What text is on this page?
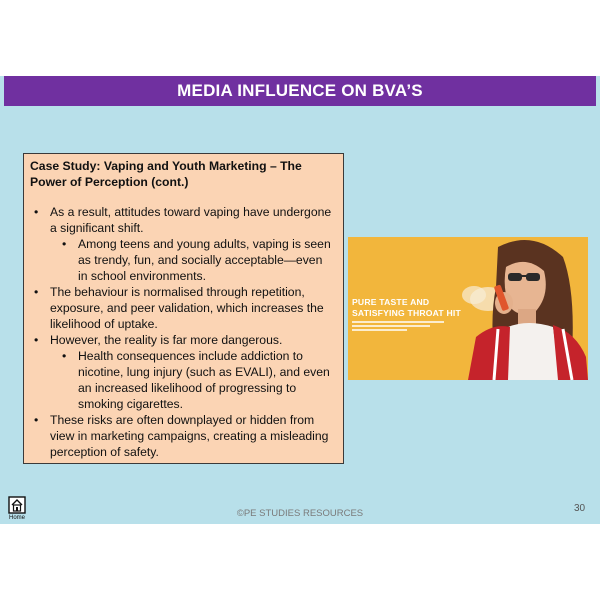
MEDIA INFLUENCE ON BVA’S
Case Study: Vaping and Youth Marketing – The Power of Perception (cont.)
• As a result, attitudes toward vaping have undergone a significant shift.
• Among teens and young adults, vaping is seen as trendy, fun, and socially acceptable—even in school environments.
• The behaviour is normalised through repetition, exposure, and peer validation, which increases the likelihood of uptake.
• However, the reality is far more dangerous.
• Health consequences include addiction to nicotine, lung injury (such as EVALI), and even an increased likelihood of progressing to smoking cigarettes.
• These risks are often downplayed or hidden from view in marketing campaigns, creating a misleading perception of safety.
PURE TASTE AND
SATISFYING THROAT HIT
Home	©PE STUDIES RESOURCES	30
